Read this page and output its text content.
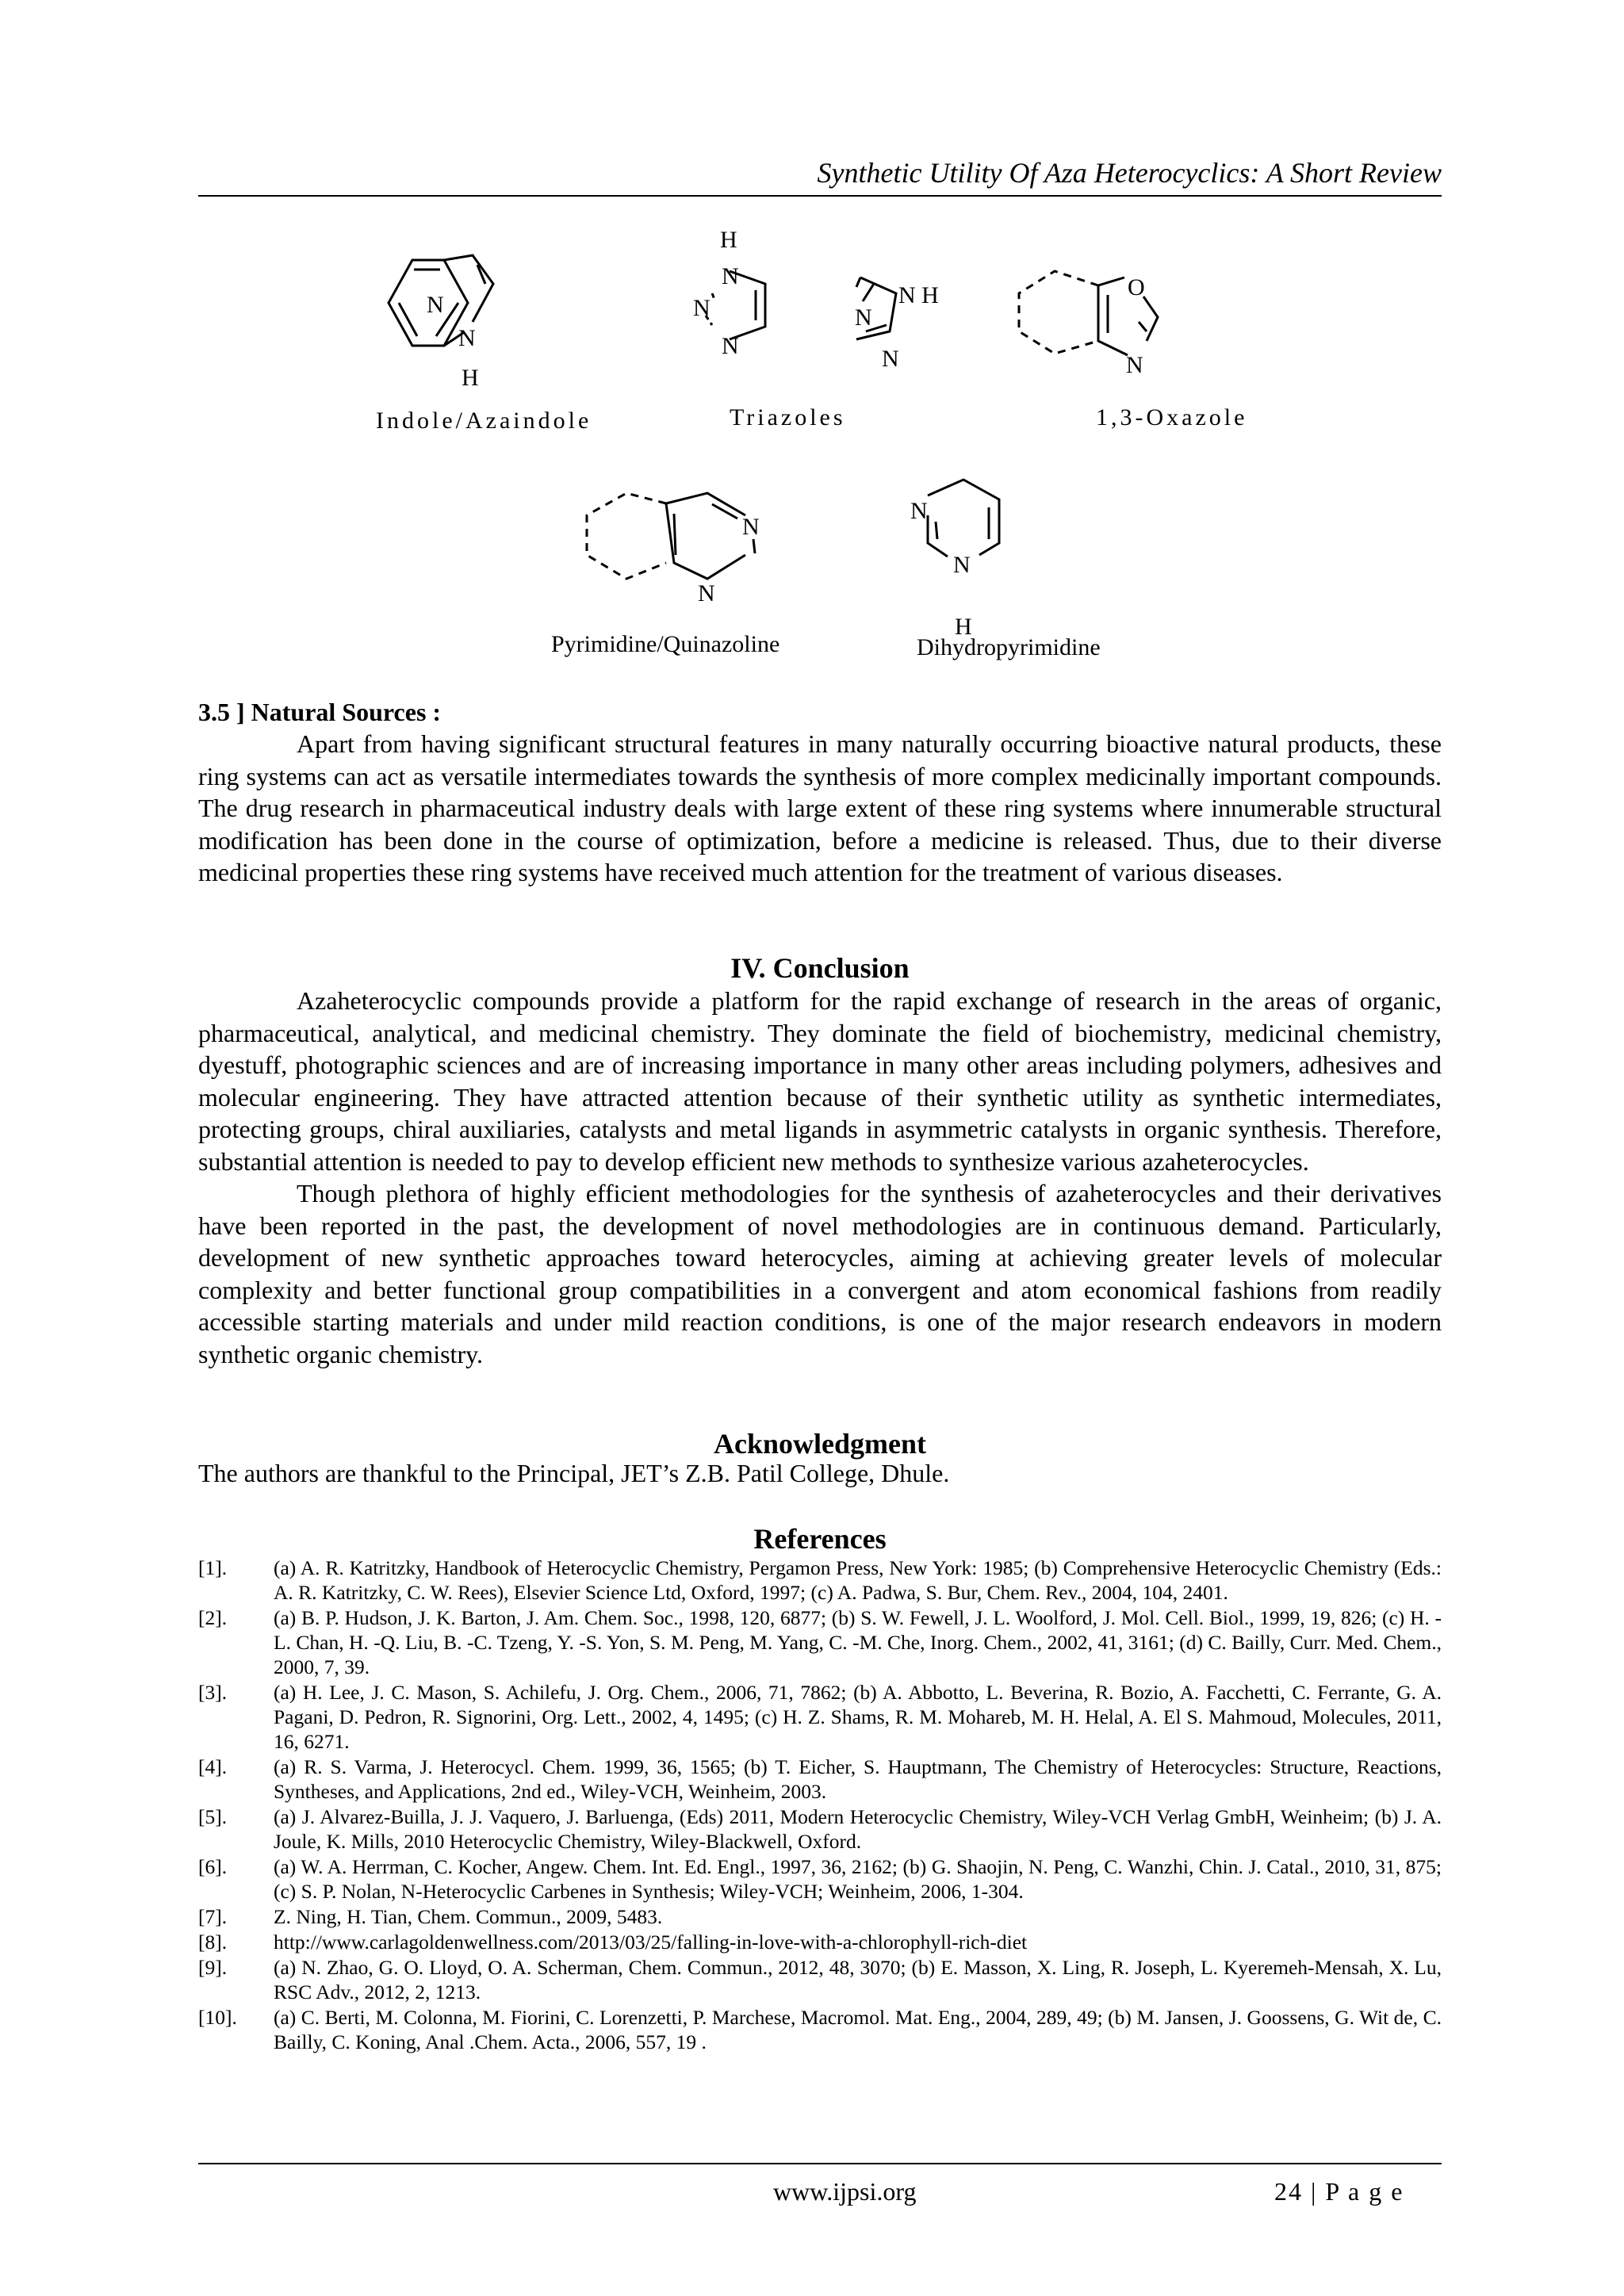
Synthetic Utility Of Aza Heterocyclics: A Short Review
N
N
H
H
N
N
N
N
N H
N
O
N
N
N
N
N
H
Indole/Azaindole	Triazoles	1,3-Oxazole
Pyrimidine/Quinazoline	Dihydropyrimidine
3.5 ] Natural Sources :

Apart from having significant structural features in many naturally occurring bioactive natural products, these ring systems can act as versatile intermediates towards the synthesis of more complex medicinally important compounds. The drug research in pharmaceutical industry deals with large extent of these ring systems where innumerable structural modification has been done in the course of optimization, before a medicine is released. Thus, due to their diverse medicinal properties these ring systems have received much attention for the treatment of various diseases.

IV. Conclusion

Azaheterocyclic compounds provide a platform for the rapid exchange of research in the areas of organic, pharmaceutical, analytical, and medicinal chemistry. They dominate the field of biochemistry, medicinal chemistry, dyestuff, photographic sciences and are of increasing importance in many other areas including polymers, adhesives and molecular engineering. They have attracted attention because of their synthetic utility as synthetic intermediates, protecting groups, chiral auxiliaries, catalysts and metal ligands in asymmetric catalysts in organic synthesis. Therefore, substantial attention is needed to pay to develop efficient new methods to synthesize various azaheterocycles.

Though plethora of highly efficient methodologies for the synthesis of azaheterocycles and their derivatives have been reported in the past, the development of novel methodologies are in continuous demand. Particularly, development of new synthetic approaches toward heterocycles, aiming at achieving greater levels of molecular complexity and better functional group compatibilities in a convergent and atom economical fashions from readily accessible starting materials and under mild reaction conditions, is one of the major research endeavors in modern synthetic organic chemistry.

Acknowledgment
The authors are thankful to the Principal, JET’s Z.B. Patil College, Dhule.
References
[1].	(a) A. R. Katritzky, Handbook of Heterocyclic Chemistry, Pergamon Press, New York: 1985; (b) Comprehensive Heterocyclic Chemistry (Eds.: A. R. Katritzky, C. W. Rees), Elsevier Science Ltd, Oxford, 1997; (c) A. Padwa, S. Bur, Chem. Rev., 2004, 104, 2401.
[2].	(a) B. P. Hudson, J. K. Barton, J. Am. Chem. Soc., 1998, 120, 6877; (b) S. W. Fewell, J. L. Woolford, J. Mol. Cell. Biol., 1999, 19, 826; (c) H. -L. Chan, H. -Q. Liu, B. -C. Tzeng, Y. -S. Yon, S. M. Peng, M. Yang, C. -M. Che, Inorg. Chem., 2002, 41, 3161; (d) C. Bailly, Curr. Med. Chem., 2000, 7, 39.
[3].	(a) H. Lee, J. C. Mason, S. Achilefu, J. Org. Chem., 2006, 71, 7862; (b) A. Abbotto, L. Beverina, R. Bozio, A. Facchetti, C. Ferrante, G. A. Pagani, D. Pedron, R. Signorini, Org. Lett., 2002, 4, 1495; (c) H. Z. Shams, R. M. Mohareb, M. H. Helal, A. El S. Mahmoud, Molecules, 2011, 16, 6271.
[4].	(a) R. S. Varma, J. Heterocycl. Chem. 1999, 36, 1565; (b) T. Eicher, S. Hauptmann, The Chemistry of Heterocycles: Structure, Reactions, Syntheses, and Applications, 2nd ed., Wiley-VCH, Weinheim, 2003.
[5].	(a) J. Alvarez-Builla, J. J. Vaquero, J. Barluenga, (Eds) 2011, Modern Heterocyclic Chemistry, Wiley-VCH Verlag GmbH, Weinheim; (b) J. A. Joule, K. Mills, 2010 Heterocyclic Chemistry, Wiley-Blackwell, Oxford.
[6].	(a) W. A. Herrman, C. Kocher, Angew. Chem. Int. Ed. Engl., 1997, 36, 2162; (b) G. Shaojin, N. Peng, C. Wanzhi, Chin. J. Catal., 2010, 31, 875; (c) S. P. Nolan, N-Heterocyclic Carbenes in Synthesis; Wiley-VCH; Weinheim, 2006, 1-304.
[7].	Z. Ning, H. Tian, Chem. Commun., 2009, 5483.
[8].	http://www.carlagoldenwellness.com/2013/03/25/falling-in-love-with-a-chlorophyll-rich-diet
[9].	(a) N. Zhao, G. O. Lloyd, O. A. Scherman, Chem. Commun., 2012, 48, 3070; (b) E. Masson, X. Ling, R. Joseph, L. Kyeremeh-Mensah, X. Lu, RSC Adv., 2012, 2, 1213.
[10].	(a) C. Berti, M. Colonna, M. Fiorini, C. Lorenzetti, P. Marchese, Macromol. Mat. Eng., 2004, 289, 49; (b) M. Jansen, J. Goossens, G. Wit de, C. Bailly, C. Koning, Anal .Chem. Acta., 2006, 557, 19 .
www.ijpsi.org	24 | P a g e
